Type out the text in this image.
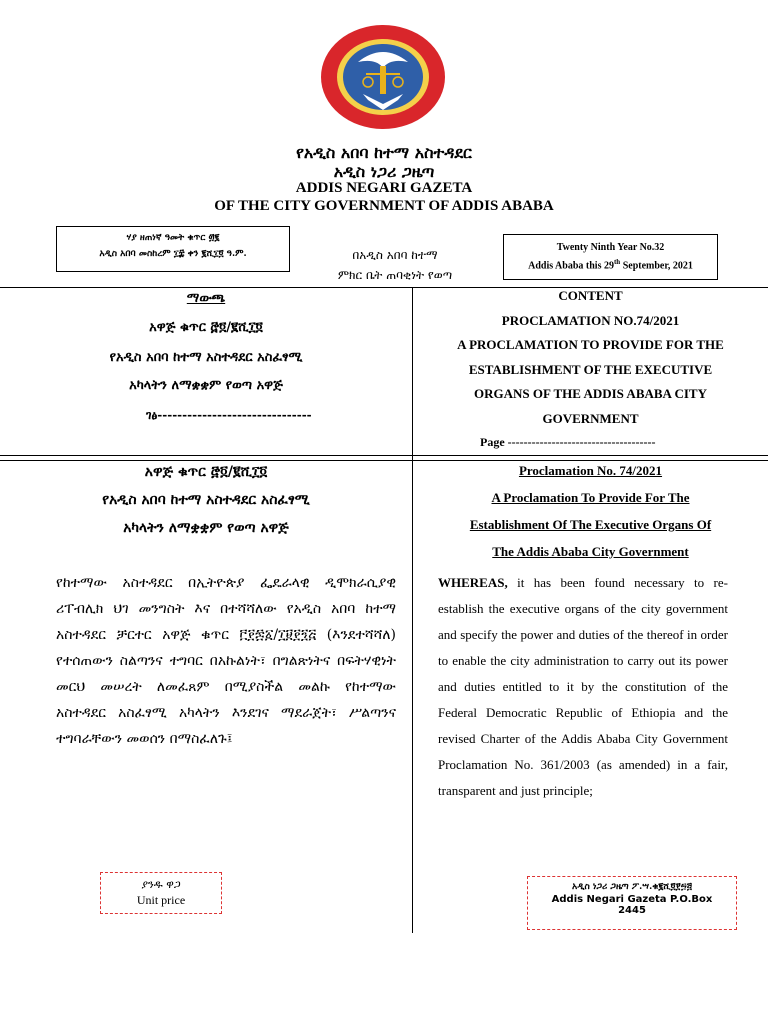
የአዲስ አበባ ከተማ አስተዳደር
አዲስ ነጋሪ ጋዜጣ
ADDIS NEGARI GAZETA
OF THE CITY GOVERNMENT OF ADDIS ABABA
ሃያ ዘጠነኛ ዓመት ቁጥር ፴፪
አዲስ አበባ መስከረም ፲፰ ቀን ፪ሺ፲፬ ዓ.ም.	በአዲስ አበባ ከተማ
ምክር ቤት ጠባቂነት የወጣ
Twenty Ninth Year No.32
Addis Ababa this 29th September, 2021
ማውጫ
አዋጅ ቁጥር ፸፬/፪ሺ፲፬
የአዲስ አበባ ከተማ አስተዳደር አስፈፃሚ
አካላትን ለማቋቋም የወጣ አዋጅ
ገፅ-------------------------------
CONTENT
PROCLAMATION NO.74/2021
A PROCLAMATION TO PROVIDE FOR THE
ESTABLISHMENT OF THE EXECUTIVE
ORGANS OF THE ADDIS ABABA CITY
GOVERNMENT
Page -------------------------------------
አዋጅ ቁጥር ፸፬/፪ሺ፲፬
የአዲስ አበባ ከተማ አስተዳደር አስፈፃሚ
አካላትን ለማቋቋም የወጣ አዋጅ
የከተማው አስተዳደር በኢትዮጵያ ፌዴራላዊ ዲሞክራሲያዊ ሪፐብሊክ ህገ መንግስት እና በተሻሻለው የአዲስ አበባ ከተማ አስተዳደር ቻርተር አዋጅ ቁጥር ፫፻፷፩/፲፱፻፺፭ (እንደተሻሻለ) የተሰጠውን ስልጣንና ተግባር በአኩልነት፣ በግልጽነትና በፍትሃዊነት መርህ መሠረት ለመፈጸም በሚያስችል መልኩ የከተማው አስተዳደር አስፈፃሚ አካላትን እንደገና ማደራጀት፣ ሥልጣንና ተግባራቸውን መወሰን በማስፈለጉ፤
Proclamation No. 74/2021
A Proclamation To Provide For The
Establishment Of The Executive Organs Of
The Addis Ababa City Government
WHEREAS, it has been found necessary to re-establish the executive organs of the city government and specify the power and duties of the thereof in order to enable the city administration to carry out its power and duties entitled to it by the constitution of the Federal Democratic Republic of Ethiopia and the revised Charter of the Addis Ababa City Government Proclamation No. 361/2003 (as amended) in a fair, transparent and just principle;
ያንዱ ዋጋ
Unit price
አዲስ ነጋሪ ጋዜጣ ፖ.ሣ.ቁ፪ሺ፬፻፵፭
Addis Negari Gazeta P.O.Box
2445
